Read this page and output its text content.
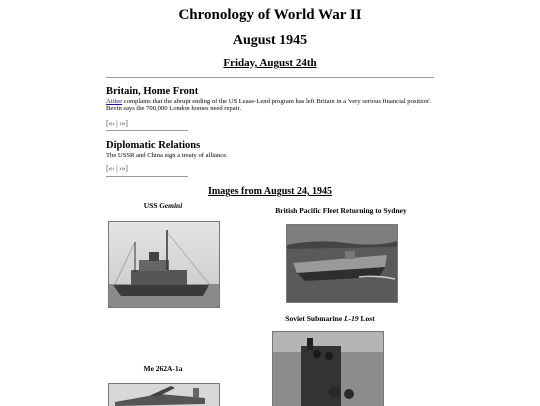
Chronology of World War II
August 1945
Friday, August 24th
Britain, Home Front
Attlee complains that the abrupt ending of the US Lease-Lend program has left Britain in a 'very serious financial position'. Bevin says the 700,000 London homes need repair.
[«‹ | ›»]
Diplomatic Relations
The USSR and China sign a treaty of alliance.
[«‹ | ›»]
Images from August 24, 1945
USS Gemini
British Pacific Fleet Returning to Sydney
Soviet Submarine L-19 Lost
Me 262A-1a
